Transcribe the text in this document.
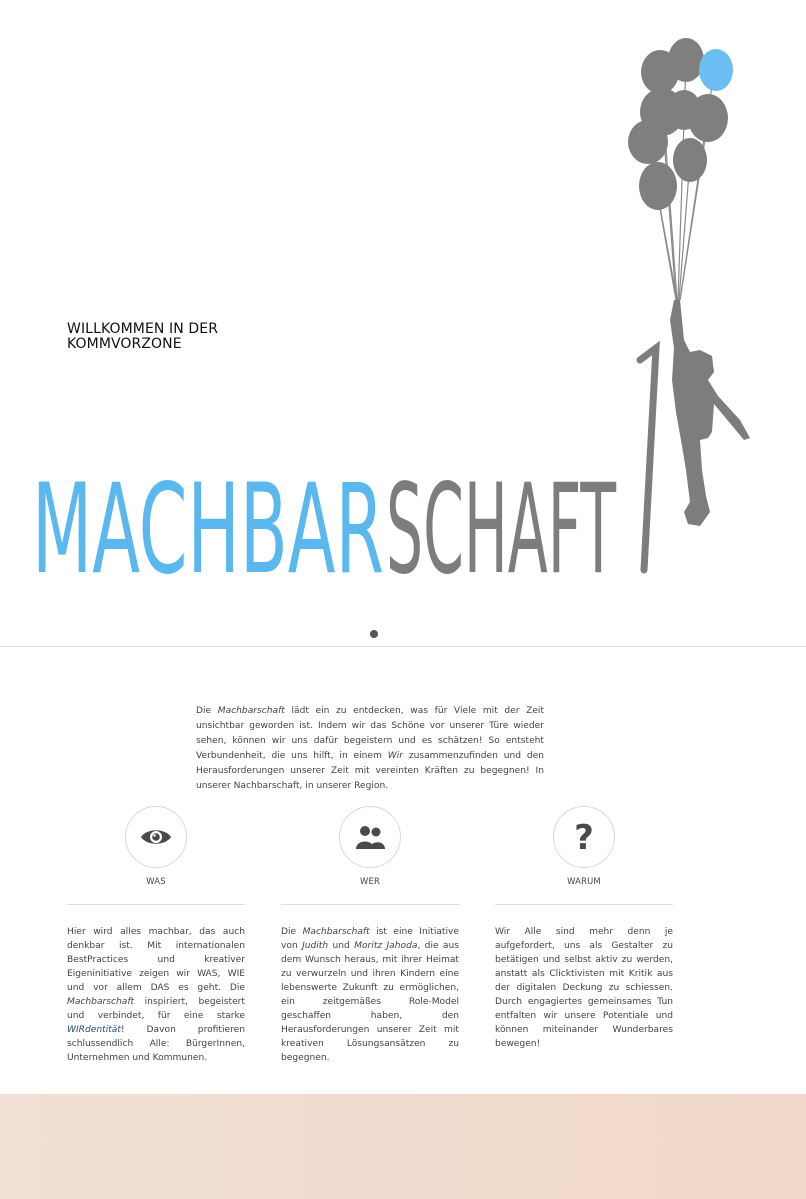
MACHBAR SCHAFT
WILLKOMMEN IN DER
KOMMVORZONE

Die Machbarschaft lädt ein zu entdecken, was für Viele mit der Zeit unsichtbar geworden ist. Indem wir das Schöne vor unserer Türe wieder sehen, können wir uns dafür begeistern und es schätzen! So entsteht Verbundenheit, die uns hilft, in einem Wir zusammenzufinden und den Herausforderungen unserer Zeit mit vereinten Kräften zu begegnen! In unserer Nachbarschaft, in unserer Region.

WAS
Hier wird alles machbar, das auch denkbar ist. Mit internationalen BestPractices und kreativer Eigeninitiative zeigen wir WAS, WIE und vor allem DAS es geht. Die Machbarschaft inspiriert, begeistert und verbindet, für eine starke WIRdentität! Davon profitieren schlussendlich Alle: BürgerInnen, Unternehmen und Kommunen.
WER
Die Machbarschaft ist eine Initiative von Judith und Moritz Jahoda, die aus dem Wunsch heraus, mit ihrer Heimat zu verwurzeln und ihren Kindern eine lebenswerte Zukunft zu ermöglichen, ein zeitgemäßes Role-Model geschaffen haben, den Herausforderungen unserer Zeit mit kreativen Lösungsansätzen zu begegnen.
?
WARUM
Wir Alle sind mehr denn je aufgefordert, uns als Gestalter zu betätigen und selbst aktiv zu werden, anstatt als Clicktivisten mit Kritik aus der digitalen Deckung zu schiessen. Durch engagiertes gemeinsames Tun entfalten wir unsere Potentiale und können miteinander Wunderbares bewegen!
